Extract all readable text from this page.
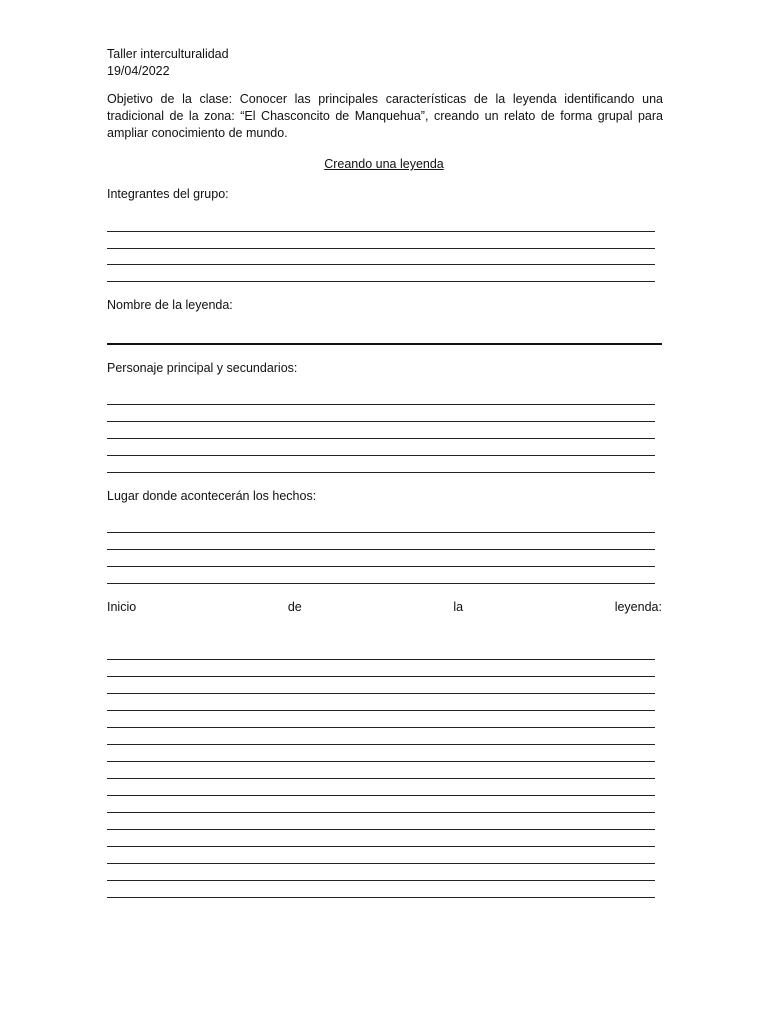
Taller interculturalidad
19/04/2022
Objetivo de la clase: Conocer las principales características de la leyenda identificando una tradicional de la zona: “El Chasconcito de Manquehua”, creando un relato de forma grupal para ampliar conocimiento de mundo.
Creando una leyenda
Integrantes del grupo:
Nombre de la leyenda:
Personaje principal y secundarios:
Lugar donde acontecerán los hechos:
Inicio	de	la	leyenda:
